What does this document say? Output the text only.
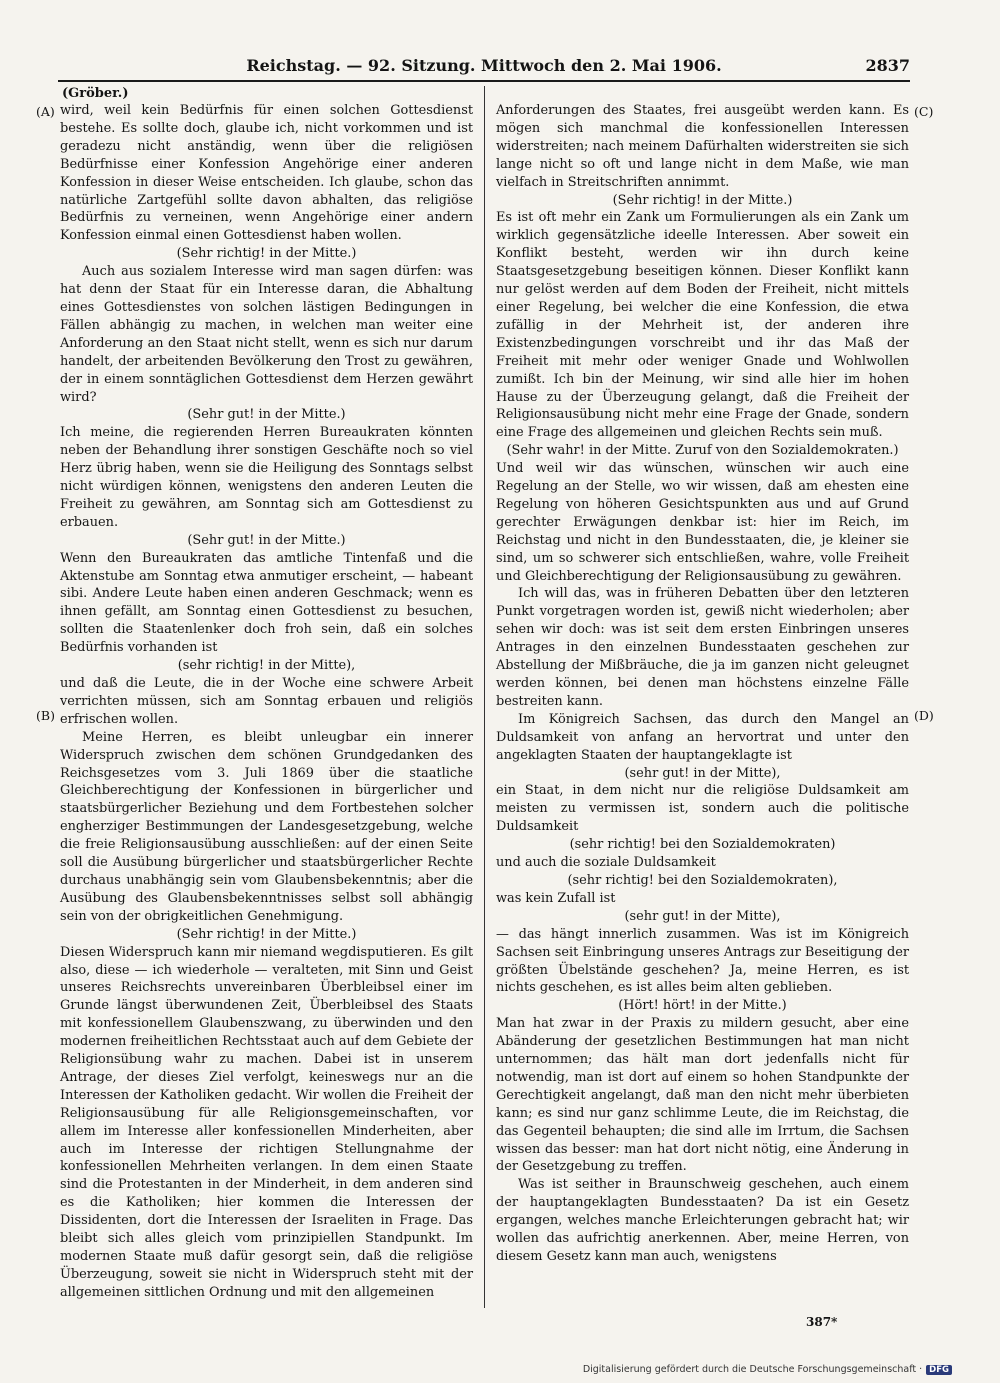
Reichstag. — 92. Sitzung. Mittwoch den 2. Mai 1906.	2837
(Gröber.)
(A)
(B)
(C)
(D)

wird, weil kein Bedürfnis für einen solchen Gottesdienst bestehe. Es sollte doch, glaube ich, nicht vorkommen und ist geradezu nicht anständig, wenn über die religiösen Bedürfnisse einer Konfession Angehörige einer anderen Konfession in dieser Weise entscheiden. Ich glaube, schon das natürliche Zartgefühl sollte davon abhalten, das religiöse Bedürfnis zu verneinen, wenn Angehörige einer andern Konfession einmal einen Gottesdienst haben wollen.

(Sehr richtig! in der Mitte.)

Auch aus sozialem Interesse wird man sagen dürfen: was hat denn der Staat für ein Interesse daran, die Abhaltung eines Gottesdienstes von solchen lästigen Bedingungen in Fällen abhängig zu machen, in welchen man weiter eine Anforderung an den Staat nicht stellt, wenn es sich nur darum handelt, der arbeitenden Bevölkerung den Trost zu gewähren, der in einem sonntäglichen Gottesdienst dem Herzen gewährt wird?

(Sehr gut! in der Mitte.)

Ich meine, die regierenden Herren Bureaukraten könnten neben der Behandlung ihrer sonstigen Geschäfte noch so viel Herz übrig haben, wenn sie die Heiligung des Sonntags selbst nicht würdigen können, wenigstens den anderen Leuten die Freiheit zu gewähren, am Sonntag sich am Gottesdienst zu erbauen.

(Sehr gut! in der Mitte.)

Wenn den Bureaukraten das amtliche Tintenfaß und die Aktenstube am Sonntag etwa anmutiger erscheint, — habeant sibi. Andere Leute haben einen anderen Geschmack; wenn es ihnen gefällt, am Sonntag einen Gottesdienst zu besuchen, sollten die Staatenlenker doch froh sein, daß ein solches Bedürfnis vorhanden ist

(sehr richtig! in der Mitte),

und daß die Leute, die in der Woche eine schwere Arbeit verrichten müssen, sich am Sonntag erbauen und religiös erfrischen wollen.

Meine Herren, es bleibt unleugbar ein innerer Widerspruch zwischen dem schönen Grundgedanken des Reichsgesetzes vom 3. Juli 1869 über die staatliche Gleichberechtigung der Konfessionen in bürgerlicher und staatsbürgerlicher Beziehung und dem Fortbestehen solcher engherziger Bestimmungen der Landesgesetzgebung, welche die freie Religionsausübung ausschließen: auf der einen Seite soll die Ausübung bürgerlicher und staatsbürgerlicher Rechte durchaus unabhängig sein vom Glaubensbekenntnis; aber die Ausübung des Glaubensbekenntnisses selbst soll abhängig sein von der obrigkeitlichen Genehmigung.

(Sehr richtig! in der Mitte.)

Diesen Widerspruch kann mir niemand wegdisputieren. Es gilt also, diese — ich wiederhole — veralteten, mit Sinn und Geist unseres Reichsrechts unvereinbaren Überbleibsel einer im Grunde längst überwundenen Zeit, Überbleibsel des Staats mit konfessionellem Glaubenszwang, zu überwinden und den modernen freiheitlichen Rechtsstaat auch auf dem Gebiete der Religionsübung wahr zu machen. Dabei ist in unserem Antrage, der dieses Ziel verfolgt, keineswegs nur an die Interessen der Katholiken gedacht. Wir wollen die Freiheit der Religionsausübung für alle Religionsgemeinschaften, vor allem im Interesse aller konfessionellen Minderheiten, aber auch im Interesse der richtigen Stellungnahme der konfessionellen Mehrheiten verlangen. In dem einen Staate sind die Protestanten in der Minderheit, in dem anderen sind es die Katholiken; hier kommen die Interessen der Dissidenten, dort die Interessen der Israeliten in Frage. Das bleibt sich alles gleich vom prinzipiellen Standpunkt. Im modernen Staate muß dafür gesorgt sein, daß die religiöse Überzeugung, soweit sie nicht in Widerspruch steht mit der allgemeinen sittlichen Ordnung und mit den allgemeinen

Anforderungen des Staates, frei ausgeübt werden kann. Es mögen sich manchmal die konfessionellen Interessen widerstreiten; nach meinem Dafürhalten widerstreiten sie sich lange nicht so oft und lange nicht in dem Maße, wie man vielfach in Streitschriften annimmt.

(Sehr richtig! in der Mitte.)

Es ist oft mehr ein Zank um Formulierungen als ein Zank um wirklich gegensätzliche ideelle Interessen. Aber soweit ein Konflikt besteht, werden wir ihn durch keine Staatsgesetzgebung beseitigen können. Dieser Konflikt kann nur gelöst werden auf dem Boden der Freiheit, nicht mittels einer Regelung, bei welcher die eine Konfession, die etwa zufällig in der Mehrheit ist, der anderen ihre Existenzbedingungen vorschreibt und ihr das Maß der Freiheit mit mehr oder weniger Gnade und Wohlwollen zumißt. Ich bin der Meinung, wir sind alle hier im hohen Hause zu der Überzeugung gelangt, daß die Freiheit der Religionsausübung nicht mehr eine Frage der Gnade, sondern eine Frage des allgemeinen und gleichen Rechts sein muß.

(Sehr wahr! in der Mitte. Zuruf von den Sozialdemokraten.)

Und weil wir das wünschen, wünschen wir auch eine Regelung an der Stelle, wo wir wissen, daß am ehesten eine Regelung von höheren Gesichtspunkten aus und auf Grund gerechter Erwägungen denkbar ist: hier im Reich, im Reichstag und nicht in den Bundesstaaten, die, je kleiner sie sind, um so schwerer sich entschließen, wahre, volle Freiheit und Gleichberechtigung der Religionsausübung zu gewähren.

Ich will das, was in früheren Debatten über den letzteren Punkt vorgetragen worden ist, gewiß nicht wiederholen; aber sehen wir doch: was ist seit dem ersten Einbringen unseres Antrages in den einzelnen Bundesstaaten geschehen zur Abstellung der Mißbräuche, die ja im ganzen nicht geleugnet werden können, bei denen man höchstens einzelne Fälle bestreiten kann.

Im Königreich Sachsen, das durch den Mangel an Duldsamkeit von anfang an hervortrat und unter den angeklagten Staaten der hauptangeklagte ist

(sehr gut! in der Mitte),

ein Staat, in dem nicht nur die religiöse Duldsamkeit am meisten zu vermissen ist, sondern auch die politische Duldsamkeit

(sehr richtig! bei den Sozialdemokraten)

und auch die soziale Duldsamkeit

(sehr richtig! bei den Sozialdemokraten),

was kein Zufall ist

(sehr gut! in der Mitte),

— das hängt innerlich zusammen. Was ist im Königreich Sachsen seit Einbringung unseres Antrags zur Beseitigung der größten Übelstände geschehen? Ja, meine Herren, es ist nichts geschehen, es ist alles beim alten geblieben.

(Hört! hört! in der Mitte.)

Man hat zwar in der Praxis zu mildern gesucht, aber eine Abänderung der gesetzlichen Bestimmungen hat man nicht unternommen; das hält man dort jedenfalls nicht für notwendig, man ist dort auf einem so hohen Standpunkte der Gerechtigkeit angelangt, daß man den nicht mehr überbieten kann; es sind nur ganz schlimme Leute, die im Reichstag, die das Gegenteil behaupten; die sind alle im Irrtum, die Sachsen wissen das besser: man hat dort nicht nötig, eine Änderung in der Gesetzgebung zu treffen.

Was ist seither in Braunschweig geschehen, auch einem der hauptangeklagten Bundesstaaten? Da ist ein Gesetz ergangen, welches manche Erleichterungen gebracht hat; wir wollen das aufrichtig anerkennen. Aber, meine Herren, von diesem Gesetz kann man auch, wenigstens

387*
Digitalisierung gefördert durch die Deutsche Forschungsgemeinschaft · DFG
